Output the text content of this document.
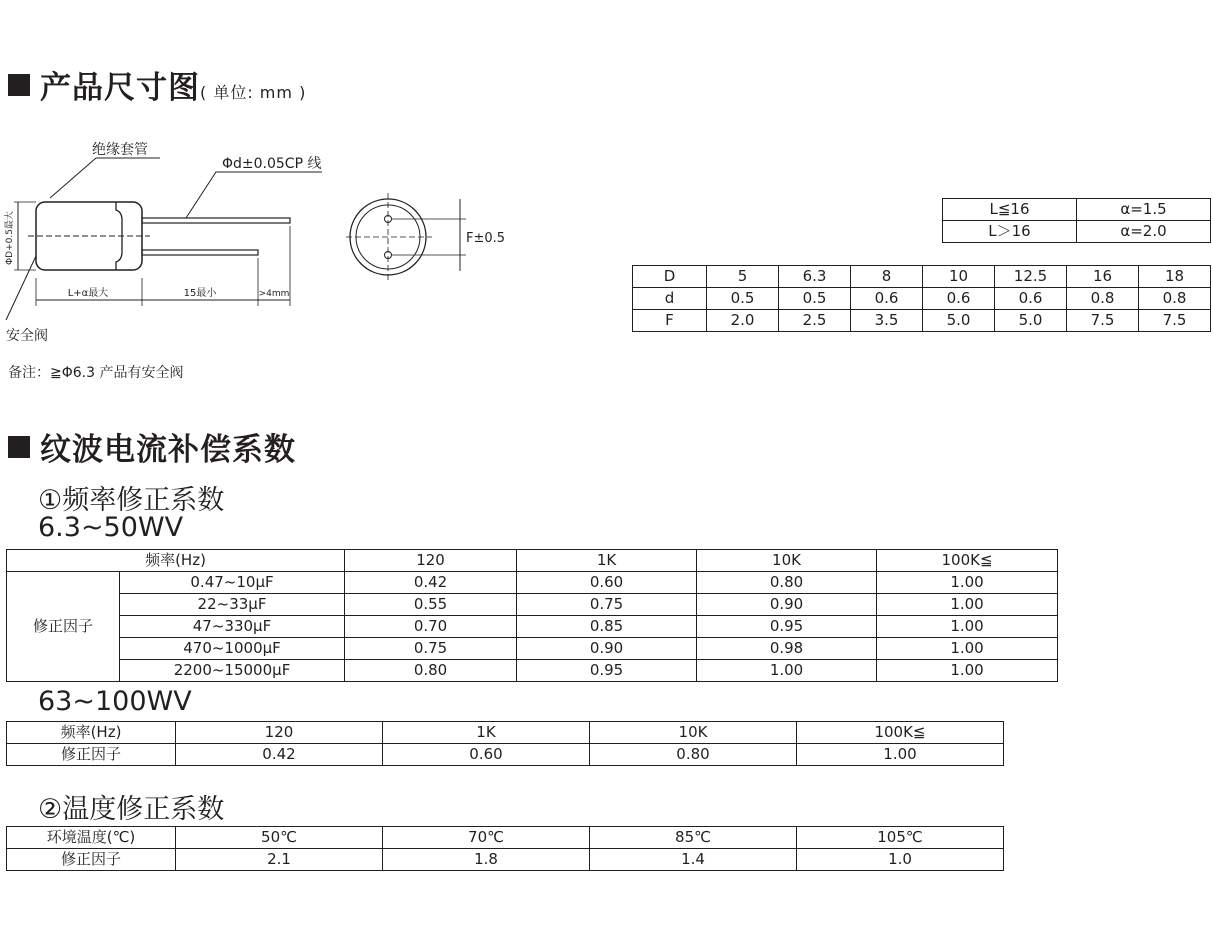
产品尺寸图( 单位: mm )
ΦD+0.5最大
L+α最大	15最小	>4mm
绝缘套管
Φd±0.05CP 线
安全阀
F±0.5
备注：≧Φ6.3 产品有安全阀
L≦16	α=1.5
L＞16	α=2.0
D	5	6.3	8	10	12.5	16	18
d	0.5	0.5	0.6	0.6	0.6	0.8	0.8
F	2.0	2.5	3.5	5.0	5.0	7.5	7.5
纹波电流补偿系数
①频率修正系数
6.3~50WV
频率(Hz)		120	1K	10K	100K≦
修正因子	0.47~10μF	0.42	0.60	0.80	1.00
	22~33μF	0.55	0.75	0.90	1.00
	47~330μF	0.70	0.85	0.95	1.00
	470~1000μF	0.75	0.90	0.98	1.00
	2200~15000μF	0.80	0.95	1.00	1.00
63~100WV
频率(Hz)	120	1K	10K	100K≦
修正因子	0.42	0.60	0.80	1.00
②温度修正系数
环境温度(℃)	50℃	70℃	85℃	105℃
修正因子	2.1	1.8	1.4	1.0
